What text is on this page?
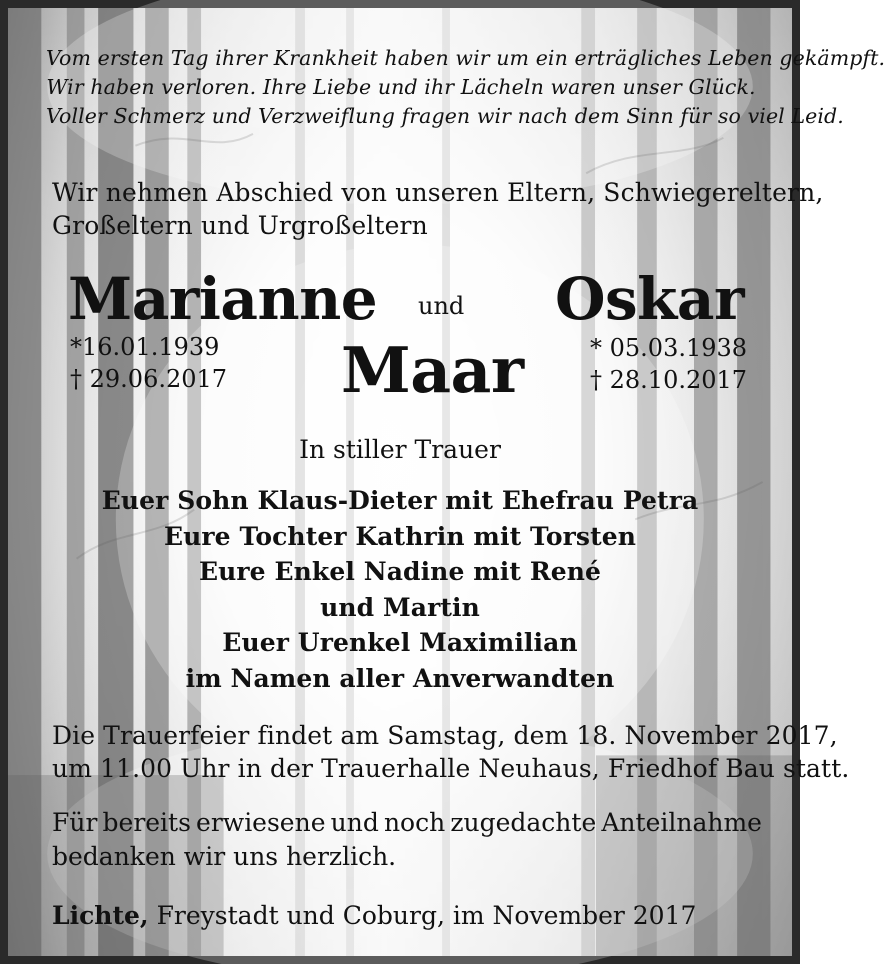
Vom ersten Tag ihrer Krankheit haben wir um ein erträgliches Leben gekämpft.
Wir haben verloren. Ihre Liebe und ihr Lächeln waren unser Glück.
Voller Schmerz und Verzweiflung fragen wir nach dem Sinn für so viel Leid.
Wir nehmen Abschied von unseren Eltern, Schwiegereltern,
Großeltern und Urgroßeltern
Marianne und Oskar
Maar
*16.01.1939
† 29.06.2017
* 05.03.1938
† 28.10.2017
In stiller Trauer
Euer Sohn Klaus-Dieter mit Ehefrau Petra
Eure Tochter Kathrin mit Torsten
Eure Enkel Nadine mit René
und Martin
Euer Urenkel Maximilian
im Namen aller Anverwandten
Die Trauerfeier findet am Samstag, dem 18. November 2017,
um 11.00 Uhr in der Trauerhalle Neuhaus, Friedhof Bau statt.
Für bereits erwiesene und noch zugedachte Anteilnahme
bedanken wir uns herzlich.
Lichte, Freystadt und Coburg, im November 2017
